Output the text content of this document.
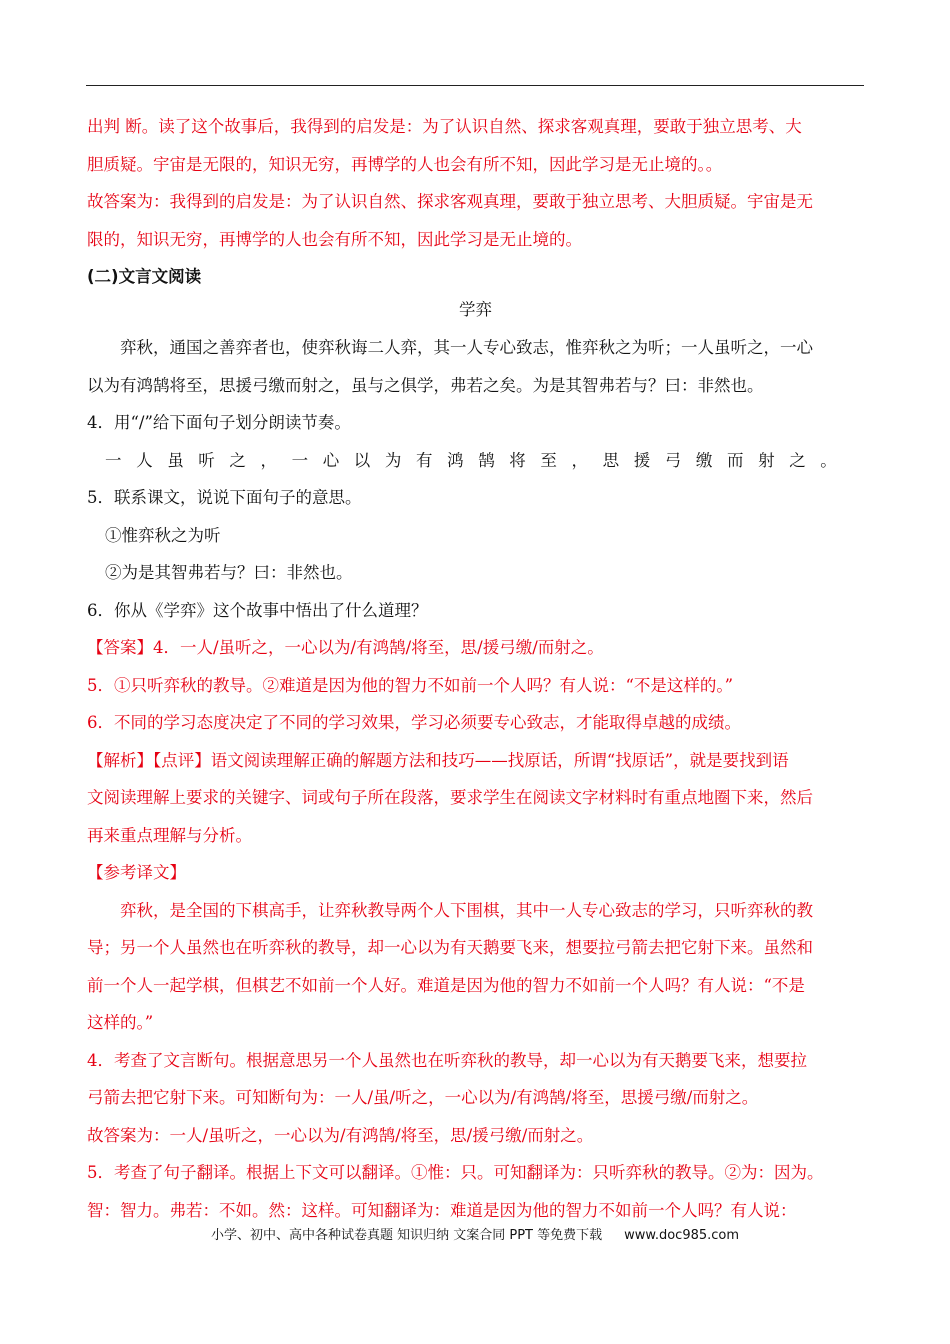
出判 断。读了这个故事后，我得到的启发是：为了认识自然、探求客观真理，要敢于独立思考、大

胆质疑。宇宙是无限的，知识无穷，再博学的人也会有所不知，因此学习是无止境的。。

故答案为：我得到的启发是：为了认识自然、探求客观真理，要敢于独立思考、大胆质疑。宇宙是无

限的，知识无穷，再博学的人也会有所不知，因此学习是无止境的。

(二)文言文阅读

学弈

弈秋，通国之善弈者也，使弈秋诲二人弈，其一人专心致志，惟弈秋之为听；一人虽听之，一心

以为有鸿鹄将至，思援弓缴而射之，虽与之俱学，弗若之矣。为是其智弗若与？曰：非然也。

4．用“/”给下面句子划分朗读节奏。

一人虽听之，一心以为有鸿鹄将至，思援弓缴而射之。

5．联系课文，说说下面句子的意思。

①惟弈秋之为听

②为是其智弗若与？曰：非然也。

6．你从《学弈》这个故事中悟出了什么道理？

【答案】4．一人/虽听之，一心以为/有鸿鹄/将至，思/援弓缴/而射之。

5．①只听弈秋的教导。②难道是因为他的智力不如前一个人吗？有人说：“不是这样的。”

6．不同的学习态度决定了不同的学习效果，学习必须要专心致志，才能取得卓越的成绩。

【解析】【点评】语文阅读理解正确的解题方法和技巧——找原话，所谓“找原话”，就是要找到语

文阅读理解上要求的关键字、词或句子所在段落，要求学生在阅读文字材料时有重点地圈下来，然后

再来重点理解与分析。

【参考译文】

弈秋，是全国的下棋高手，让弈秋教导两个人下围棋，其中一人专心致志的学习，只听弈秋的教

导；另一个人虽然也在听弈秋的教导，却一心以为有天鹅要飞来，想要拉弓箭去把它射下来。虽然和

前一个人一起学棋，但棋艺不如前一个人好。难道是因为他的智力不如前一个人吗？有人说：“不是

这样的。”

4．考查了文言断句。根据意思另一个人虽然也在听弈秋的教导，却一心以为有天鹅要飞来，想要拉

弓箭去把它射下来。可知断句为：一人/虽/听之，一心以为/有鸿鹄/将至，思援弓缴/而射之。

故答案为：一人/虽听之，一心以为/有鸿鹄/将至，思/援弓缴/而射之。

5．考查了句子翻译。根据上下文可以翻译。①惟：只。可知翻译为：只听弈秋的教导。②为：因为。

智：智力。弗若：不如。然：这样。可知翻译为：难道是因为他的智力不如前一个人吗？有人说：

小学、初中、高中各种试卷真题 知识归纳 文案合同 PPT 等免费下载 www.doc985.com
